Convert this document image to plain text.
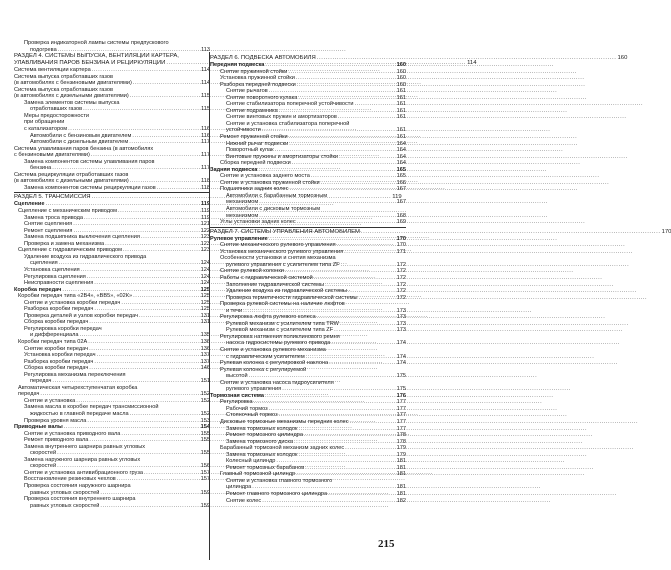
Проверка индикаторной лампы системы предпускового
подогрева .....	113
РАЗДЕЛ 4. СИСТЕМЫ ВЫПУСКА, ВЕНТИЛЯЦИИ КАРТЕРА,
УЛАВЛИВАНИЯ ПАРОВ БЕНЗИНА И РЕЦИРКУЛЯЦИИ .....	114
Система вентиляции картера .....	114
Система выпуска отработавших газов
(в автомобилях с бензиновыми двигателями) .....	114
Система выпуска отработавших газов
(в автомобилях с дизельными двигателями) .....	115
Замена элементов системы выпуска
отработавших газов .....	115
Меры предосторожности
при обращении
с катализатором .....	116
Автомобили с бензиновым двигателем .....	116
Автомобили с дизельным двигателем .....	117
Система улавливания паров бензина (в автомобилях
с бензиновыми двигателями) .....	117
Замена компонентов системы улавливания паров
бензина .....	117
Система рециркуляции отработавших газов
(в автомобилях с дизельными двигателями) .....	118
Замена компонентов системы рециркуляции газов .....	118
РАЗДЕЛ 5. ТРАНСМИССИЯ .....	119
Сцепление .....	119
Сцепление с механическим приводом .....	119
Замена троса привода .....	119
Снятие сцепления .....	121
Ремонт сцепления .....	122
Замена подшипника выключения сцепления .....	123
Проверка и замена механизма .....	123
Сцепление с гидравлическим приводом .....	123
Удаление воздуха из гидравлического привода
сцепления .....	124
Установка сцепления .....	124
Регулировка сцепления .....	124
Неисправности сцепления .....	124
Коробка передач .....	125
Коробки передач типа «2В4», «BB5», «02К» .....	125
Снятие и установка коробки передач .....	125
Разборка коробки передач .....	125
Проверка деталей и узлов коробки передач .....	131
Сборка коробки передач .....	131
Регулировка коробки передач
и дифференциала .....	135
Коробки передач типа 02А .....	136
Снятие коробки передач .....	136
Установка коробки передач .....	137
Разборка коробки передач .....	137
Сборка коробки передач .....	146
Регулировка механизма переключения
передач .....	151
Автоматическая четырехступенчатая коробка
передач .....	152
Снятие и установка .....	152
Замена масла в коробке передач трансмиссионной
жидкостью в главной передаче масла .....	152
Проверка уровня масла .....	153
Приводные валы .....	154
Снятие и установка приводного вала .....	155
Ремонт приводного вала .....	155
Замена внутреннего шарнира равных угловых
скоростей .....	155
Замена наружного шарнира равных угловых
скоростей .....	156
Снятие и установка антивибрационного груза .....	157
Восстановление резиновых чехлов .....	157
Проверка состояния наружного шарнира
равных угловых скоростей .....	159
Проверка состояния внутреннего шарнира
равных угловых скоростей .....	159
РАЗДЕЛ 6. ПОДВЕСКА АВТОМОБИЛЯ .....	160
Передняя подвеска .....	160
Снятие пружинной стойки .....	160
Установка пружинной стойки .....	160
Разборка передней подвески .....	160
Снятие рычагов .....	161
Снятие поворотного кулака .....	161
Снятие стабилизатора поперечной устойчивости .....	161
Снятие подрамника .....	161
Снятие винтовых пружин и амортизаторов .....	161
Снятие и установка стабилизатора поперечной
устойчивости .....	161
Ремонт пружинной стойки .....	161
Нижний рычаг подвески .....	164
Поворотный кулак .....	164
Винтовые пружины и амортизаторы стойки .....	164
Сборка передней подвески .....	164
Задняя подвеска .....	165
Снятие и установка заднего моста .....	165
Снятие и установка пружинной стойки .....	166
Подшипники задних колес .....	167
Автомобили с барабанным тормозным
механизмом .....	167
Автомобили с дисковым тормозным
механизмом .....	168
Углы установки задних колес .....	169
РАЗДЕЛ 7. СИСТЕМЫ УПРАВЛЕНИЯ АВТОМОБИЛЕМ .....	170
Рулевое управление .....	170
Снятие механического рулевого управления .....	170
Установка механического рулевого управления .....	171
Особенности установки и снятия механизма
рулевого управления с усилителем типа ZF .....	172
Снятие рулевой колонки .....	172
Работы с гидравлической системой .....	172
Заполнение гидравлической системы .....	172
Удаление воздуха из гидравлической системы .....	172
Проверка герметичности гидравлической системы .....	172
Проверка рулевой системы на наличие люфтов
и течи .....	173
Регулировка люфта рулевого колеса .....	173
Рулевой механизм с усилителем типа TRW .....	173
Рулевой механизм с усилителем типа ZF .....	173
Регулировка натяжения поликлинового ремня
насоса гидросистемы рулевого привода .....	174
Снятие и установка рулевого механизма
с гидравлическим усилителем .....	174
Рулевая колонка с регулировкой наклона .....	174
Рулевая колонка с регулируемой
высотой .....	175
Снятие и установка насоса гидроусилителя
рулевого управления .....	175
Тормозная система .....	176
Регулировка .....	177
Рабочий тормоз .....	177
Стояночный тормоз .....	177
Дисковые тормозные механизмы передних колес .....	177
Замена тормозных колодок .....	177
Ремонт тормозного цилиндра .....	178
Замена тормозного диска .....	178
Барабанный тормозной механизм задних колес .....	179
Замена тормозных колодок .....	179
Колесный цилиндр .....	181
Ремонт тормозных барабанов .....	181
Главный тормозной цилиндр .....	181
Снятие и установка главного тормозного
цилиндра .....	181
Ремонт главного тормозного цилиндра .....	181
Снятие колес .....	182
215
